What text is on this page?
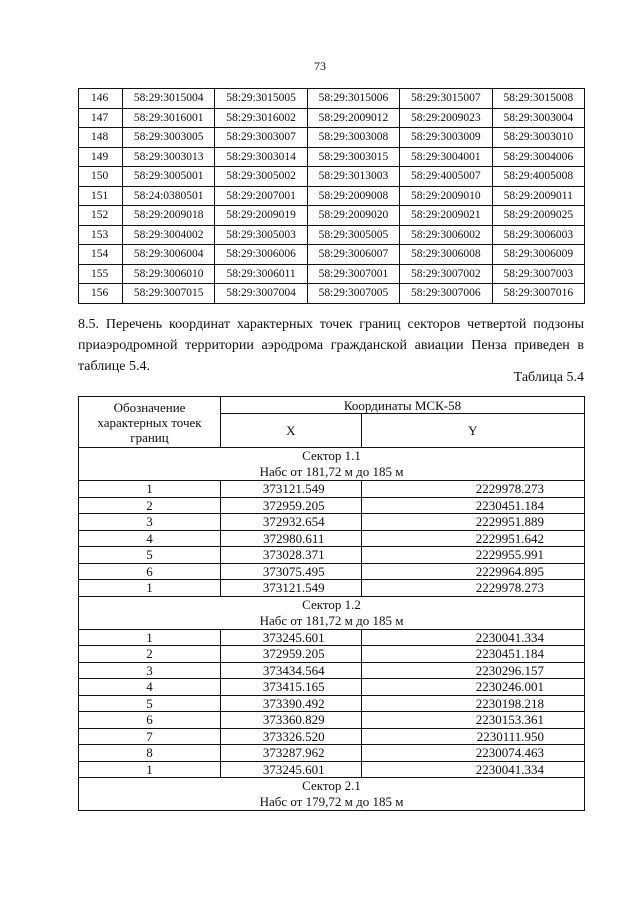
73
146	58:29:3015004	58:29:3015005	58:29:3015006	58:29:3015007	58:29:3015008
147	58:29:3016001	58:29:3016002	58:29:2009012	58:29:2009023	58:29:3003004
148	58:29:3003005	58:29:3003007	58:29:3003008	58:29:3003009	58:29:3003010
149	58:29:3003013	58:29:3003014	58:29:3003015	58:29:3004001	58:29:3004006
150	58:29:3005001	58:29:3005002	58:29:3013003	58:29:4005007	58:29:4005008
151	58:24:0380501	58:29:2007001	58:29:2009008	58:29:2009010	58:29:2009011
152	58:29:2009018	58:29:2009019	58:29:2009020	58:29:2009021	58:29:2009025
153	58:29:3004002	58:29:3005003	58:29:3005005	58:29:3006002	58:29:3006003
154	58:29:3006004	58:29:3006006	58:29:3006007	58:29:3006008	58:29:3006009
155	58:29:3006010	58:29:3006011	58:29:3007001	58:29:3007002	58:29:3007003
156	58:29:3007015	58:29:3007004	58:29:3007005	58:29:3007006	58:29:3007016

8.5. Перечень координат характерных точек границ секторов четвертой подзоны приаэродромной территории аэродрома гражданской авиации Пенза приведен в таблице 5.4.

Таблица 5.4
Обозначение характерных точек границ	Координаты МСК-58	
	X	Y

Сектор 1.1
Набс от 181,72 м до 185 м		

1	373121.549	2229978.273
2	372959.205	2230451.184
3	372932.654	2229951.889
4	372980.611	2229951.642
5	373028.371	2229955.991
6	373075.495	2229964.895
1	373121.549	2229978.273

Сектор 1.2
Набс от 181,72 м до 185 м		

1	373245.601	2230041.334
2	372959.205	2230451.184
3	373434.564	2230296.157
4	373415.165	2230246.001
5	373390.492	2230198.218
6	373360.829	2230153.361
7	373326.520	2230111.950
8	373287.962	2230074.463
1	373245.601	2230041.334

Сектор 2.1
Набс от 179,72 м до 185 м		
